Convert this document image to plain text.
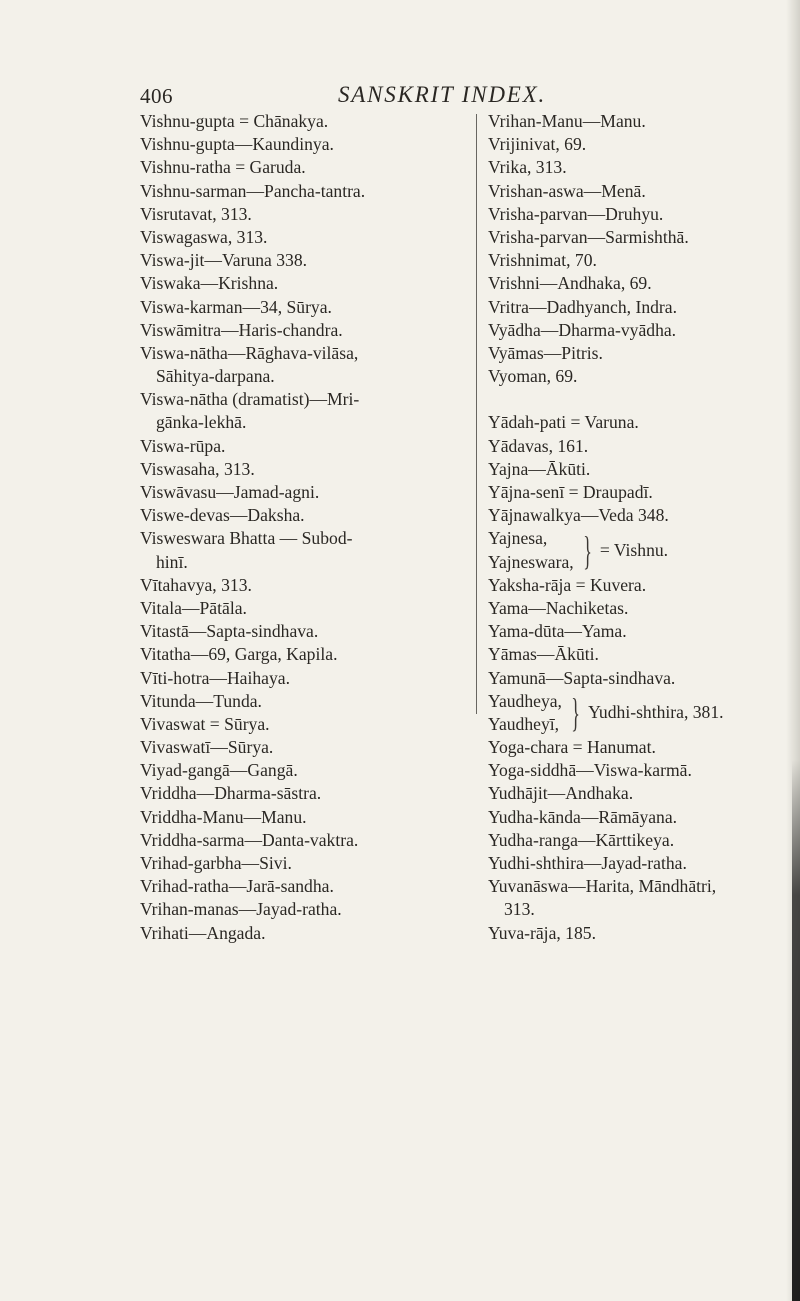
406	SANSKRIT INDEX.
Vishnu-gupta = Chānakya.
Vishnu-gupta—Kaundinya.
Vishnu-ratha = Garuda.
Vishnu-sarman—Pancha-tantra.
Visrutavat, 313.
Viswagaswa, 313.
Viswa-jit—Varuna 338.
Viswaka—Krishna.
Viswa-karman—34, Sūrya.
Viswāmitra—Haris-chandra.
Viswa-nātha—Rāghava-vilāsa,
Sāhitya-darpana.
Viswa-nātha (dramatist)—Mri-
gānka-lekhā.
Viswa-rūpa.
Viswasaha, 313.
Viswāvasu—Jamad-agni.
Viswe-devas—Daksha.
Visweswara Bhatta — Subod-
hinī.
Vītahavya, 313.
Vitala—Pātāla.
Vitastā—Sapta-sindhava.
Vitatha—69, Garga, Kapila.
Vīti-hotra—Haihaya.
Vitunda—Tunda.
Vivaswat = Sūrya.
Vivaswatī—Sūrya.
Viyad-gangā—Gangā.
Vriddha—Dharma-sāstra.
Vriddha-Manu—Manu.
Vriddha-sarma—Danta-vaktra.
Vrihad-garbha—Sivi.
Vrihad-ratha—Jarā-sandha.
Vrihan-manas—Jayad-ratha.
Vrihati—Angada.
Vrihan-Manu—Manu.
Vrijinivat, 69.
Vrika, 313.
Vrishan-aswa—Menā.
Vrisha-parvan—Druhyu.
Vrisha-parvan—Sarmishthā.
Vrishnimat, 70.
Vrishni—Andhaka, 69.
Vritra—Dadhyanch, Indra.
Vyādha—Dharma-vyādha.
Vyāmas—Pitris.
Vyoman, 69.
Yādah-pati = Varuna.
Yādavas, 161.
Yajna—Ākūti.
Yājna-senī = Draupadī.
Yājnawalkya—Veda 348.
Yajnesa,
Yajneswara, } = Vishnu.
Yaksha-rāja = Kuvera.
Yama—Nachiketas.
Yama-dūta—Yama.
Yāmas—Ākūti.
Yamunā—Sapta-sindhava.
Yaudheya,
Yaudheyī, } Yudhi-shthira, 381.
Yoga-chara = Hanumat.
Yoga-siddhā—Viswa-karmā.
Yudhājit—Andhaka.
Yudha-kānda—Rāmāyana.
Yudha-ranga—Kārttikeya.
Yudhi-shthira—Jayad-ratha.
Yuvanāswa—Harita, Māndhātri,
313.
Yuva-rāja, 185.
